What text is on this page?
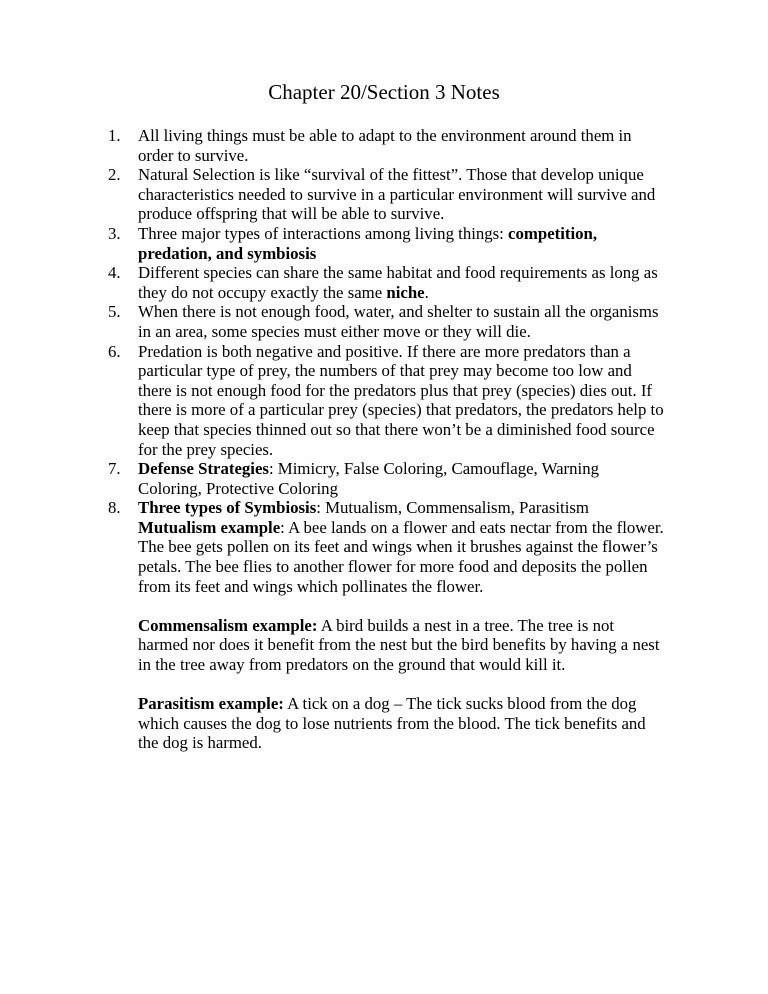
Chapter 20/Section 3 Notes
1. All living things must be able to adapt to the environment around them in order to survive.
2. Natural Selection is like “survival of the fittest”. Those that develop unique characteristics needed to survive in a particular environment will survive and produce offspring that will be able to survive.
3. Three major types of interactions among living things: competition, predation, and symbiosis
4. Different species can share the same habitat and food requirements as long as they do not occupy exactly the same niche.
5. When there is not enough food, water, and shelter to sustain all the organisms in an area, some species must either move or they will die.
6. Predation is both negative and positive. If there are more predators than a particular type of prey, the numbers of that prey may become too low and there is not enough food for the predators plus that prey (species) dies out. If there is more of a particular prey (species) that predators, the predators help to keep that species thinned out so that there won’t be a diminished food source for the prey species.
7. Defense Strategies: Mimicry, False Coloring, Camouflage, Warning Coloring, Protective Coloring
8. Three types of Symbiosis: Mutualism, Commensalism, Parasitism

Mutualism example: A bee lands on a flower and eats nectar from the flower. The bee gets pollen on its feet and wings when it brushes against the flower’s petals. The bee flies to another flower for more food and deposits the pollen from its feet and wings which pollinates the flower.

Commensalism example: A bird builds a nest in a tree. The tree is not harmed nor does it benefit from the nest but the bird benefits by having a nest in the tree away from predators on the ground that would kill it.

Parasitism example: A tick on a dog – The tick sucks blood from the dog which causes the dog to lose nutrients from the blood. The tick benefits and the dog is harmed.
